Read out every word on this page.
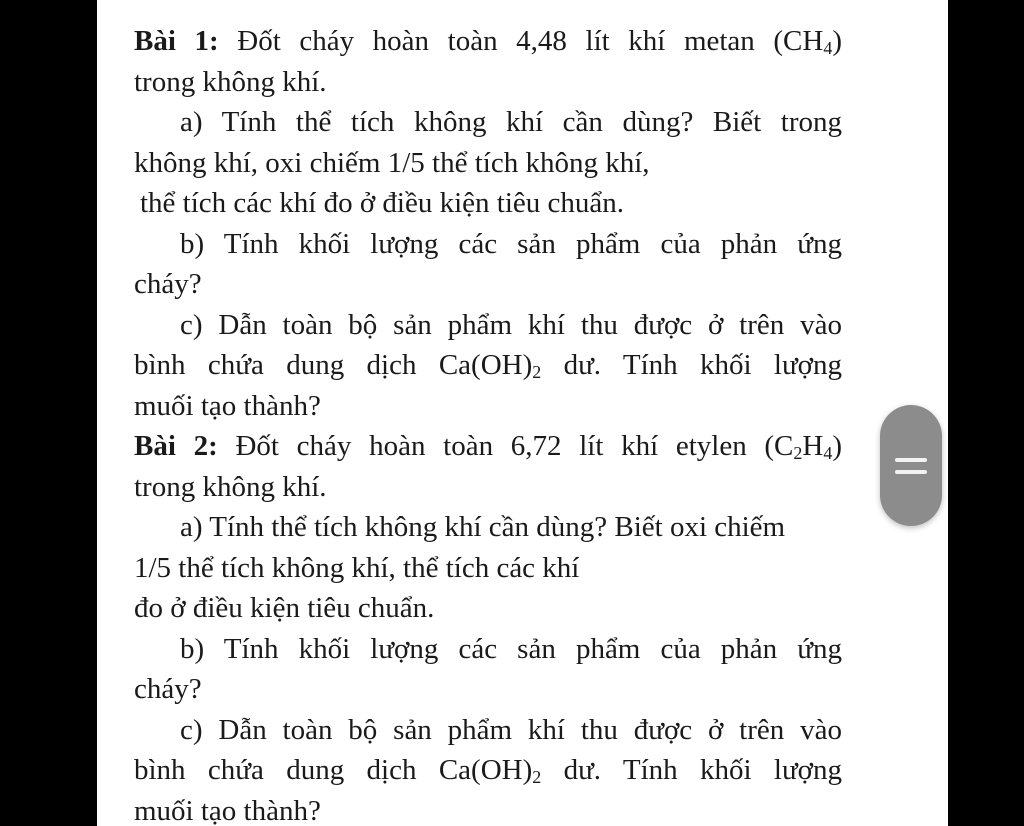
Bài 1: Đốt cháy hoàn toàn 4,48 lít khí metan $(CH_4)$

trong không khí.

a) Tính thể tích không khí cần dùng? Biết trong

không khí, oxi chiếm 1/5 thể tích không khí,

thể tích các khí đo ở điều kiện tiêu chuẩn.

b) Tính khối lượng các sản phẩm của phản ứng

cháy?

c) Dẫn toàn bộ sản phẩm khí thu được ở trên vào

bình chứa dung dịch $Ca(OH)_2$ dư. Tính khối lượng

muối tạo thành?

Bài 2: Đốt cháy hoàn toàn 6,72 lít khí etylen $(C_2H_4)$

trong không khí.

a) Tính thể tích không khí cần dùng? Biết oxi chiếm

1/5 thể tích không khí, thể tích các khí

đo ở điều kiện tiêu chuẩn.

b) Tính khối lượng các sản phẩm của phản ứng

cháy?

c) Dẫn toàn bộ sản phẩm khí thu được ở trên vào

bình chứa dung dịch $Ca(OH)_2$ dư. Tính khối lượng

muối tạo thành?
